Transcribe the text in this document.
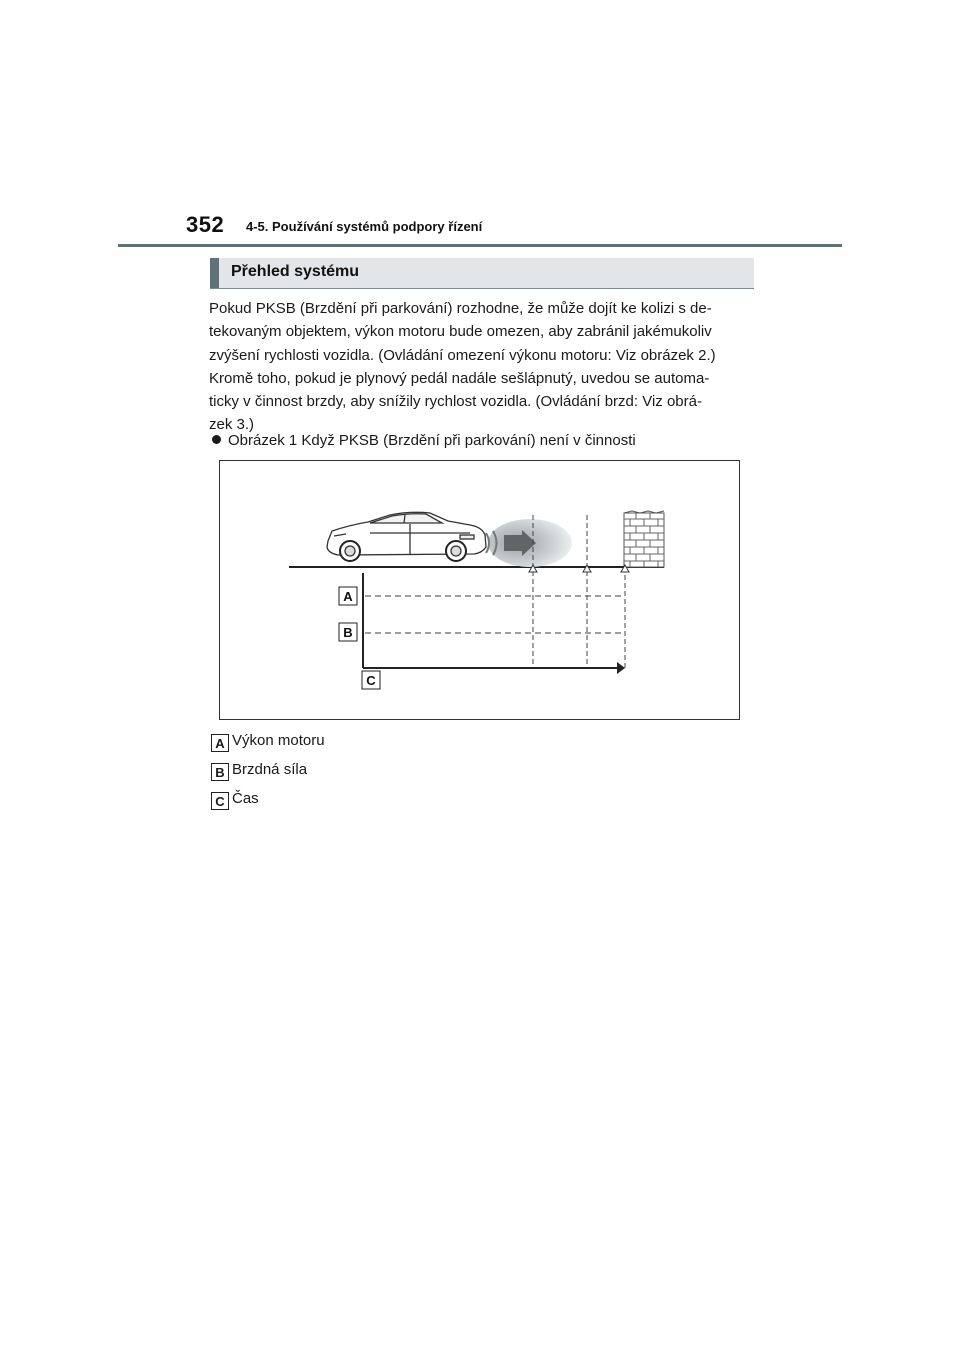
352 4-5. Používání systémů podpory řízení
Přehled systému

Pokud PKSB (Brzdění při parkování) rozhodne, že může dojít ke kolizi s de-

tekovaným objektem, výkon motoru bude omezen, aby zabránil jakémukoliv

zvýšení rychlosti vozidla. (Ovládání omezení výkonu motoru: Viz obrázek 2.)

Kromě toho, pokud je plynový pedál nadále sešlápnutý, uvedou se automa-

ticky v činnost brzdy, aby snížily rychlost vozidla. (Ovládání brzd: Viz obrá-

zek 3.)

Obrázek 1 Když PKSB (Brzdění při parkování) není v činnosti
A
B
C
A Výkon motoru
B Brzdná síla
C Čas
